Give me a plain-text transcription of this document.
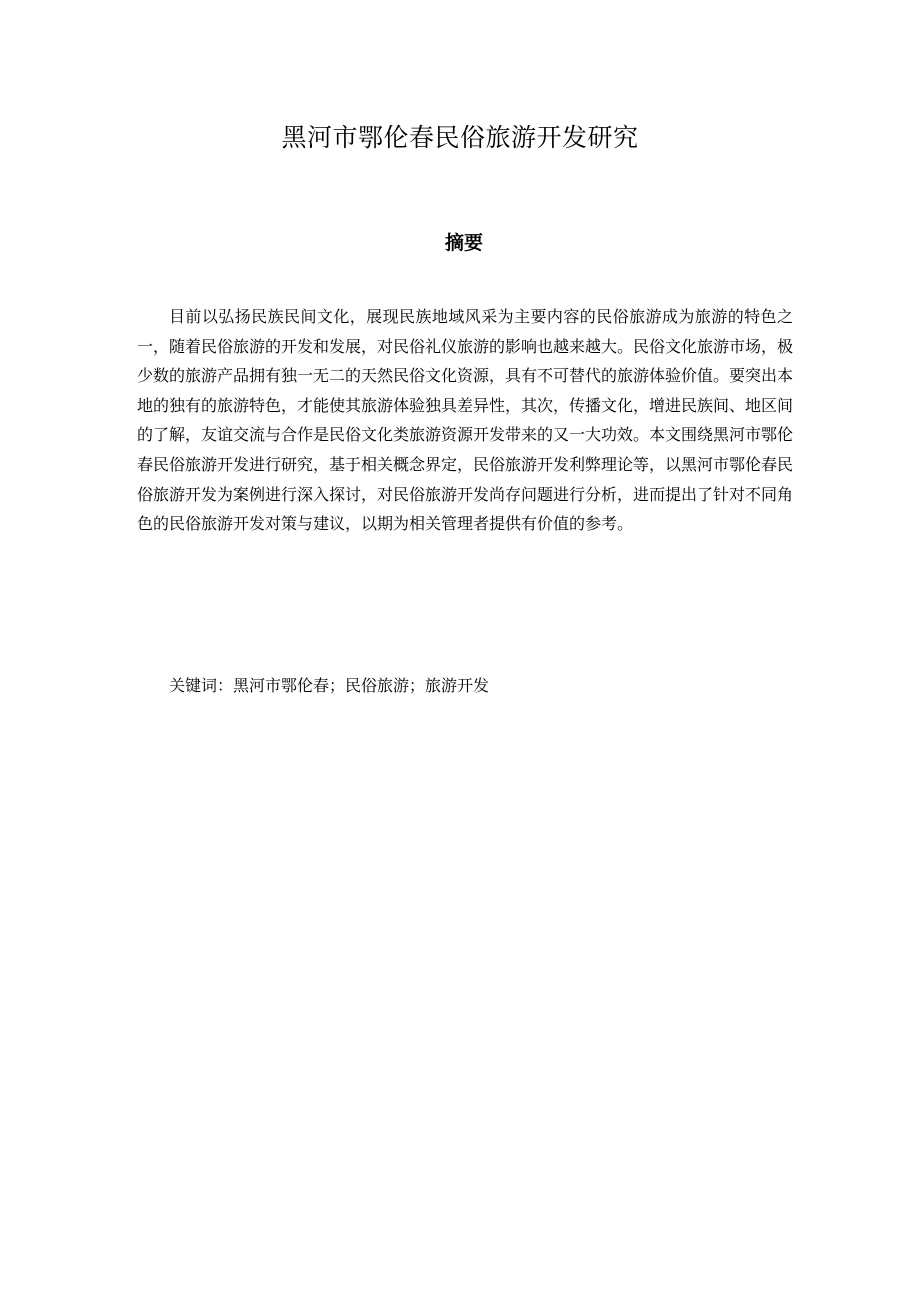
黑河市鄂伦春民俗旅游开发研究
摘要
目前以弘扬民族民间文化，展现民族地域风采为主要内容的民俗旅游成为旅游的特色之一，随着民俗旅游的开发和发展，对民俗礼仪旅游的影响也越来越大。民俗文化旅游市场，极少数的旅游产品拥有独一无二的天然民俗文化资源，具有不可替代的旅游体验价值。要突出本地的独有的旅游特色，才能使其旅游体验独具差异性，其次，传播文化，增进民族间、地区间的了解，友谊交流与合作是民俗文化类旅游资源开发带来的又一大功效。本文围绕黑河市鄂伦春民俗旅游开发进行研究，基于相关概念界定，民俗旅游开发利弊理论等，以黑河市鄂伦春民俗旅游开发为案例进行深入探讨，对民俗旅游开发尚存问题进行分析，进而提出了针对不同角色的民俗旅游开发对策与建议，以期为相关管理者提供有价值的参考。
关键词：黑河市鄂伦春；民俗旅游；旅游开发
